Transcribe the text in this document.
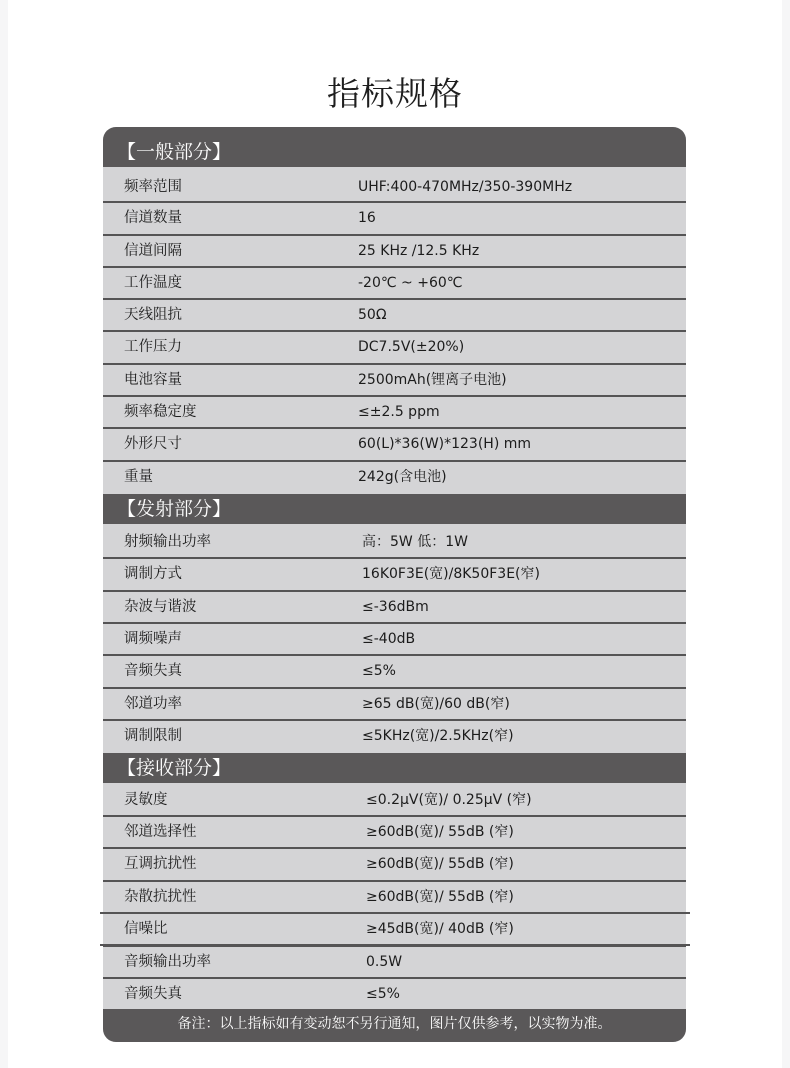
指标规格
备注：以上指标如有变动恕不另行通知，图片仅供参考，以实物为准。
【一般部分】
频率范围	UHF:400-470MHz/350-390MHz
信道数量	16
信道间隔	25 KHz /12.5 KHz
工作温度	-20℃ ~ +60℃
天线阻抗	50Ω
工作压力	DC7.5V(±20%)
电池容量	2500mAh(锂离子电池)
频率稳定度	≤±2.5 ppm
外形尺寸	60(L)*36(W)*123(H) mm
重量	242g(含电池)
【发射部分】
射频输出功率	高：5W 低：1W
调制方式	16K0F3E(宽)/8K50F3E(窄)
杂波与谐波	≤-36dBm
调频噪声	≤-40dB
音频失真	≤5%
邻道功率	≥65 dB(宽)/60 dB(窄)
调制限制	≤5KHz(宽)/2.5KHz(窄)
【接收部分】
灵敏度	≤0.2μV(宽)/ 0.25μV (窄)
邻道选择性	≥60dB(宽)/ 55dB (窄)
互调抗扰性	≥60dB(宽)/ 55dB (窄)
杂散抗扰性	≥60dB(宽)/ 55dB (窄)
信噪比	≥45dB(宽)/ 40dB (窄)
音频输出功率	0.5W
音频失真	≤5%
